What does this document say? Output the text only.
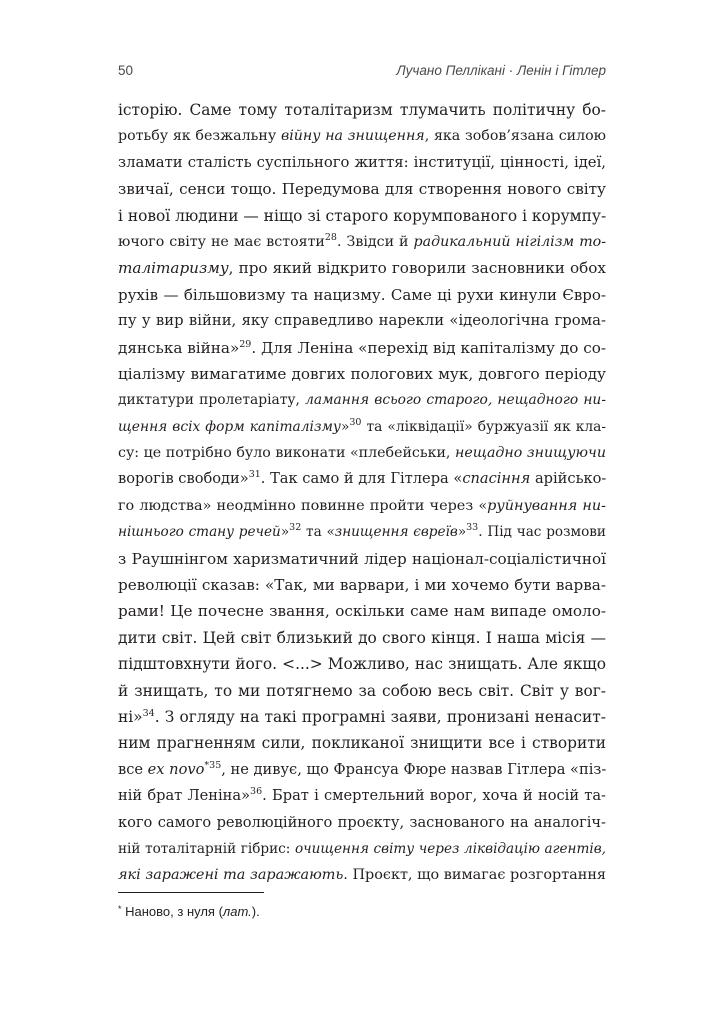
50	Лучано Пеллікані · Ленін і Гітлер
історію. Саме тому тоталітаризм тлумачить політичну бо-
ротьбу як безжальну війну на знищення, яка зобов’язана силою
зламати сталість суспільного життя: інституції, цінності, ідеї,
звичаї, сенси тощо. Передумова для створення нового світу
і нової людини — ніщо зі старого корумпованого і корумпу-
ючого світу не має встояти$^{28}$. Звідси й радикальний нігілізм то-
талітаризму, про який відкрито говорили засновники обох
рухів — більшовизму та нацизму. Саме ці рухи кинули Євро-
пу у вир війни, яку справедливо нарекли «ідеологічна грома-
дянська війна»$^{29}$. Для Леніна «перехід від капіталізму до со-
ціалізму вимагатиме довгих пологових мук, довгого періоду
диктатури пролетаріату, ламання всього старого, нещадного ни-
щення всіх форм капіталізму»$^{30}$ та «ліквідації» буржуазії як кла-
су: це потрібно було виконати «плебейськи, нещадно знищуючи
ворогів свободи»$^{31}$. Так само й для Гітлера «спасіння арійсько-
го людства» неодмінно повинне пройти через «руйнування ни-
нішнього стану речей»$^{32}$ та «знищення євреїв»$^{33}$. Під час розмови
з Раушнінгом харизматичний лідер націонал-соціалістичної
революції сказав: «Так, ми варвари, і ми хочемо бути варва-
рами! Це почесне звання, оскільки саме нам випаде омоло-
дити світ. Цей світ близький до свого кінця. І наша місія —
підштовхнути його. <...> Можливо, нас знищать. Але якщо
й знищать, то ми потягнемо за собою весь світ. Світ у вог-
ні»$^{34}$. З огляду на такі програмні заяви, пронизані ненасит-
ним прагненням сили, покликаної знищити все і створити
все ex novo$^{*35}$, не дивує, що Франсуа Фюре назвав Гітлера «піз-
ній брат Леніна»$^{36}$. Брат і смертельний ворог, хоча й носій та-
кого самого революційного проєкту, заснованого на аналогіч-
ній тоталітарній гібрис: очищення світу через ліквідацію агентів,
які заражені та заражають. Проєкт, що вимагає розгортання
* Наново, з нуля (лат.).
